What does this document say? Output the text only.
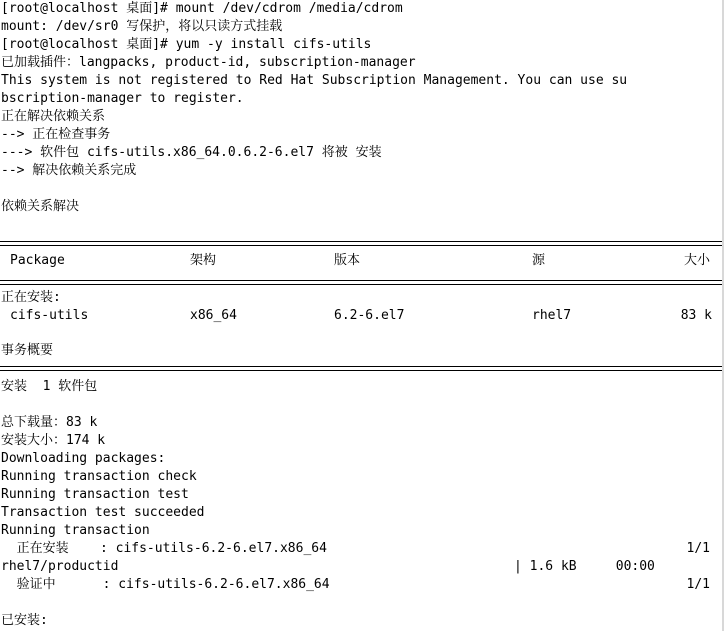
[root@localhost 桌面]# mount /dev/cdrom /media/cdrom
mount: /dev/sr0 写保护，将以只读方式挂载
[root@localhost 桌面]# yum -y install cifs-utils
已加载插件：langpacks, product-id, subscription-manager
This system is not registered to Red Hat Subscription Management. You can use su
bscription-manager to register.
正在解决依赖关系
--> 正在检查事务
---> 软件包 cifs-utils.x86_64.0.6.2-6.el7 将被 安装
--> 解决依赖关系完成
依赖关系解决
Package	架构	版本	源	大小
正在安装:
cifs-utils	x86_64	6.2-6.el7	rhel7	83 k
事务概要
安装  1 软件包
总下载量：83 k
安装大小：174 k
Downloading packages:
Running transaction check
Running transaction test
Transaction test succeeded
Running transaction
正在安装    : cifs-utils-6.2-6.el7.x86_64	1/1
rhel7/productid	| 1.6 kB     00:00
验证中      : cifs-utils-6.2-6.el7.x86_64	1/1
已安装:
